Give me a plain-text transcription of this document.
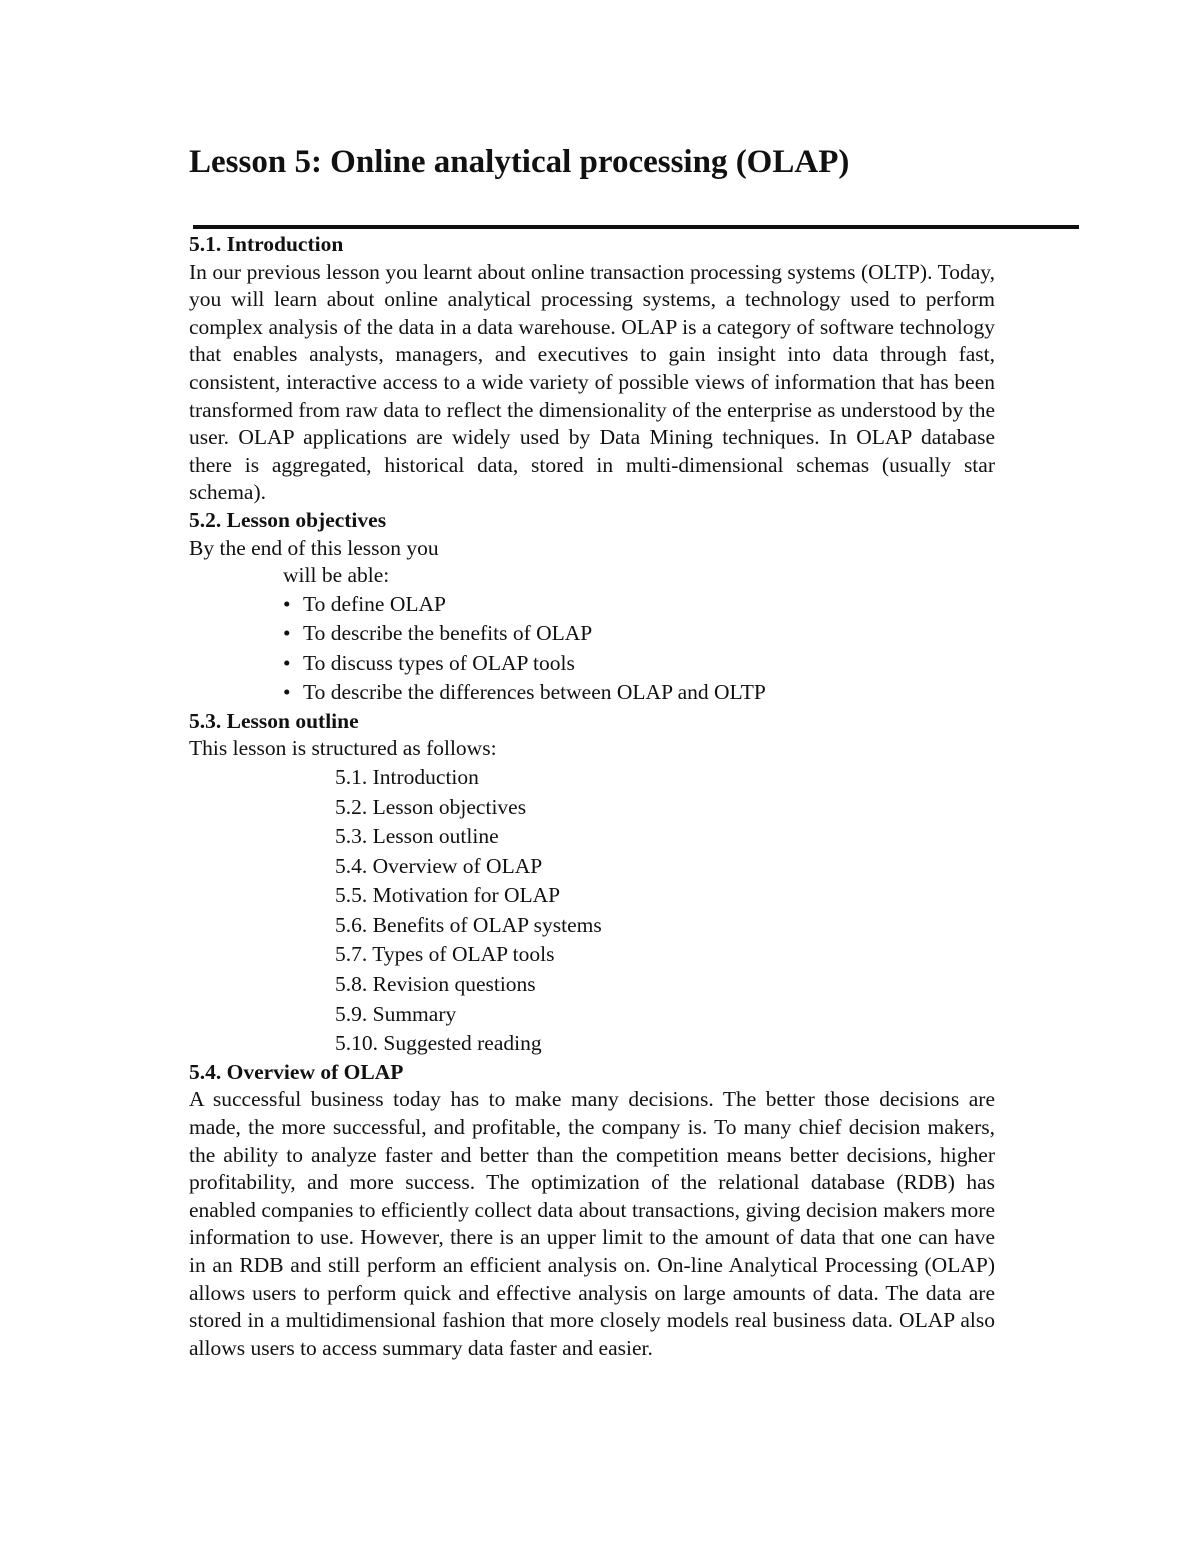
Lesson 5: Online analytical processing (OLAP)
5.1. Introduction

In our previous lesson you learnt about online transaction processing systems (OLTP). Today, you will learn about online analytical processing systems, a technology used to perform complex analysis of the data in a data warehouse. OLAP is a category of software technology that enables analysts, managers, and executives to gain insight into data through fast, consistent, interactive access to a wide variety of possible views of information that has been transformed from raw data to reflect the dimensionality of the enterprise as understood by the user. OLAP applications are widely used by Data Mining techniques. In OLAP database there is aggregated, historical data, stored in multi-dimensional schemas (usually star schema).

5.2. Lesson objectives

By the end of this lesson you

will be able:

• To define OLAP
• To describe the benefits of OLAP
• To discuss types of OLAP tools
• To describe the differences between OLAP and OLTP
5.3. Lesson outline

This lesson is structured as follows:

5.1. Introduction
5.2. Lesson objectives
5.3. Lesson outline
5.4. Overview of OLAP
5.5. Motivation for OLAP
5.6. Benefits of OLAP systems
5.7. Types of OLAP tools
5.8. Revision questions
5.9. Summary
5.10. Suggested reading
5.4. Overview of OLAP

A successful business today has to make many decisions. The better those decisions are made, the more successful, and profitable, the company is. To many chief decision makers, the ability to analyze faster and better than the competition means better decisions, higher profitability, and more success. The optimization of the relational database (RDB) has enabled companies to efficiently collect data about transactions, giving decision makers more information to use. However, there is an upper limit to the amount of data that one can have in an RDB and still perform an efficient analysis on. On-line Analytical Processing (OLAP) allows users to perform quick and effective analysis on large amounts of data. The data are stored in a multidimensional fashion that more closely models real business data. OLAP also allows users to access summary data faster and easier.
